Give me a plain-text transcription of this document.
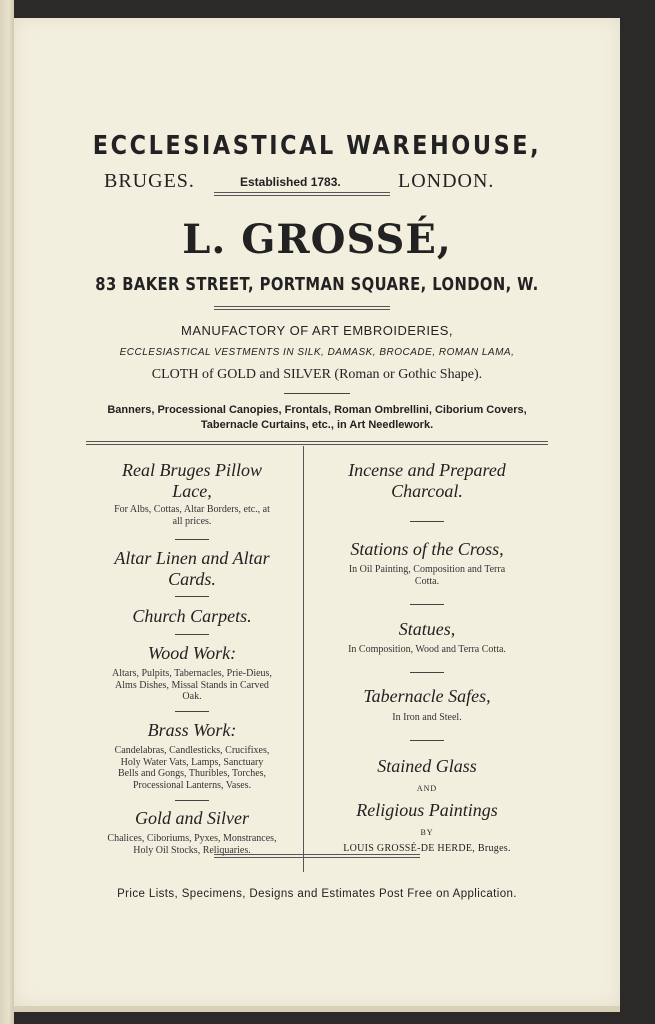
ECCLESIASTICAL WAREHOUSE,
BRUGES.	Established 1783.	LONDON.
L. GROSSÉ,
83 BAKER STREET, PORTMAN SQUARE, LONDON, W.
MANUFACTORY OF ART EMBROIDERIES,
ECCLESIASTICAL VESTMENTS IN SILK, DAMASK, BROCADE, ROMAN LAMA,
CLOTH of GOLD and SILVER (Roman or Gothic Shape).
Banners, Processional Canopies, Frontals, Roman Ombrellini, Ciborium Covers,
Tabernacle Curtains, etc., in Art Needlework.
Real Bruges Pillow
Lace,
For Albs, Cottas, Altar Borders, etc., at
all prices.
Altar Linen and Altar
Cards.
Church Carpets.
Wood Work:
Altars, Pulpits, Tabernacles, Prie-Dieus,
Alms Dishes, Missal Stands in Carved
Oak.
Brass Work:
Candelabras, Candlesticks, Crucifixes,
Holy Water Vats, Lamps, Sanctuary
Bells and Gongs, Thuribles, Torches,
Processional Lanterns, Vases.
Gold and Silver
Chalices, Ciboriums, Pyxes, Monstrances,
Holy Oil Stocks, Reliquaries.
Incense and Prepared
Charcoal.
Stations of the Cross,
In Oil Painting, Composition and Terra
Cotta.
Statues,
In Composition, Wood and Terra Cotta.
Tabernacle Safes,
In Iron and Steel.
Stained Glass
AND
Religious Paintings
BY
LOUIS GROSSÉ-DE HERDE, Bruges.
Price Lists, Specimens, Designs and Estimates Post Free on Application.
